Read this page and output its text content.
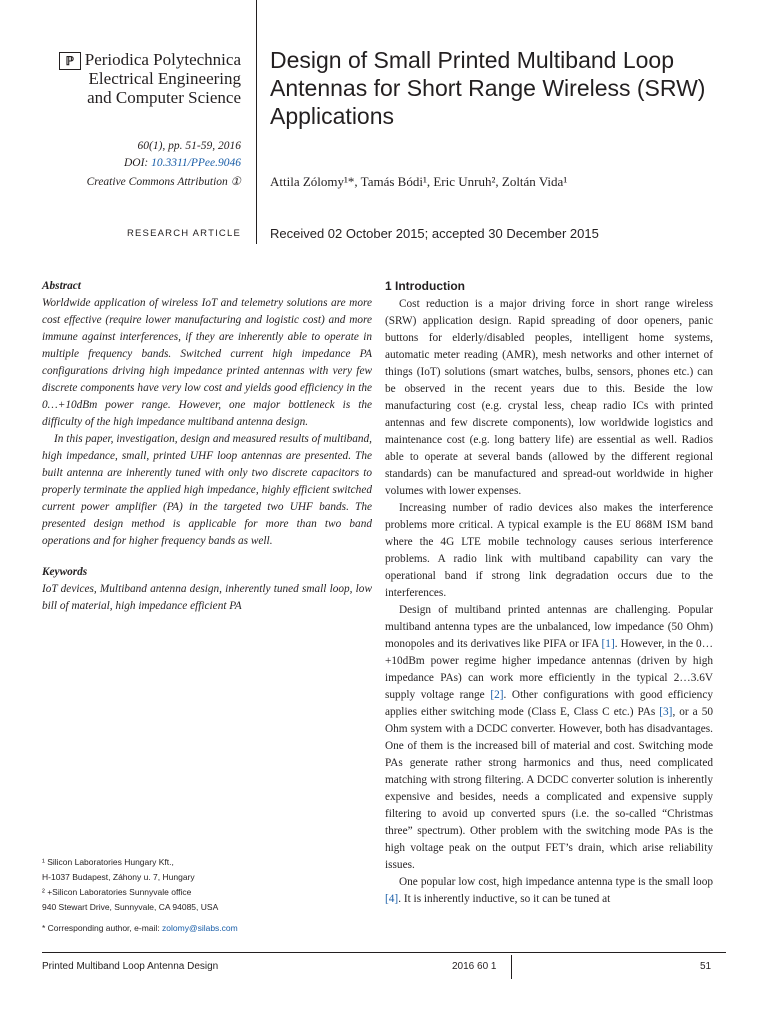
ℙ Periodica Polytechnica
Electrical Engineering
and Computer Science
60(1), pp. 51-59, 2016
DOI: 10.3311/PPee.9046
Creative Commons Attribution ①
RESEARCH ARTICLE
Design of Small Printed Multiband Loop Antennas for Short Range Wireless (SRW) Applications
Attila Zólomy¹*, Tamás Bódi¹, Eric Unruh², Zoltán Vida¹
Received 02 October 2015; accepted 30 December 2015
Abstract

Worldwide application of wireless IoT and telemetry solutions are more cost effective (require lower manufacturing and logistic cost) and more immune against interferences, if they are inherently able to operate in multiple frequency bands. Switched current high impedance PA configurations driving high impedance printed antennas with very few discrete components have very low cost and yields good efficiency in the 0…+10dBm power range. However, one major bottleneck is the difficulty of the high impedance multiband antenna design.

In this paper, investigation, design and measured results of multiband, high impedance, small, printed UHF loop antennas are presented. The built antenna are inherently tuned with only two discrete capacitors to properly terminate the applied high impedance, highly efficient switched current power amplifier (PA) in the targeted two UHF bands. The presented design method is applicable for more than two band operations and for higher frequency bands as well.

Keywords

IoT devices, Multiband antenna design, inherently tuned small loop, low bill of material, high impedance efficient PA

1 Introduction

Cost reduction is a major driving force in short range wireless (SRW) application design. Rapid spreading of door openers, panic buttons for elderly/disabled peoples, intelligent home systems, automatic meter reading (AMR), mesh networks and other internet of things (IoT) solutions (smart watches, bulbs, sensors, phones etc.) can be observed in the recent years due to this. Beside the low manufacturing cost (e.g. crystal less, cheap radio ICs with printed antennas and few discrete components), low worldwide logistics and maintenance cost (e.g. long battery life) are essential as well. Radios able to operate at several bands (allowed by the different regional standards) can be manufactured and spread-out worldwide in higher volumes with lower expenses.

Increasing number of radio devices also makes the interference problems more critical. A typical example is the EU 868M ISM band where the 4G LTE mobile technology causes serious interference problems. A radio link with multiband capability can vary the operational band if strong link degradation occurs due to the interferences.

Design of multiband printed antennas are challenging. Popular multiband antenna types are the unbalanced, low impedance (50 Ohm) monopoles and its derivatives like PIFA or IFA [1]. However, in the 0…+10dBm power regime higher impedance antennas (driven by high impedance PAs) can work more efficiently in the typical 2…3.6V supply voltage range [2]. Other configurations with good efficiency applies either switching mode (Class E, Class C etc.) PAs [3], or a 50 Ohm system with a DCDC converter. However, both has disadvantages. One of them is the increased bill of material and cost. Switching mode PAs generate rather strong harmonics and thus, need complicated matching with strong filtering. A DCDC converter solution is inherently expensive and besides, needs a complicated and expensive supply filtering to avoid up converted spurs (i.e. the so-called “Christmas three” spectrum). Other problem with the switching mode PAs is the high voltage peak on the output FET’s drain, which arise reliability issues.

One popular low cost, high impedance antenna type is the small loop [4]. It is inherently inductive, so it can be tuned at

¹ Silicon Laboratories Hungary Kft.,
H-1037 Budapest, Záhony u. 7, Hungary
² +Silicon Laboratories Sunnyvale office
940 Stewart Drive, Sunnyvale, CA 94085, USA
* Corresponding author, e-mail: zolomy@silabs.com
Printed Multiband Loop Antenna Design	2016 60 1	51
